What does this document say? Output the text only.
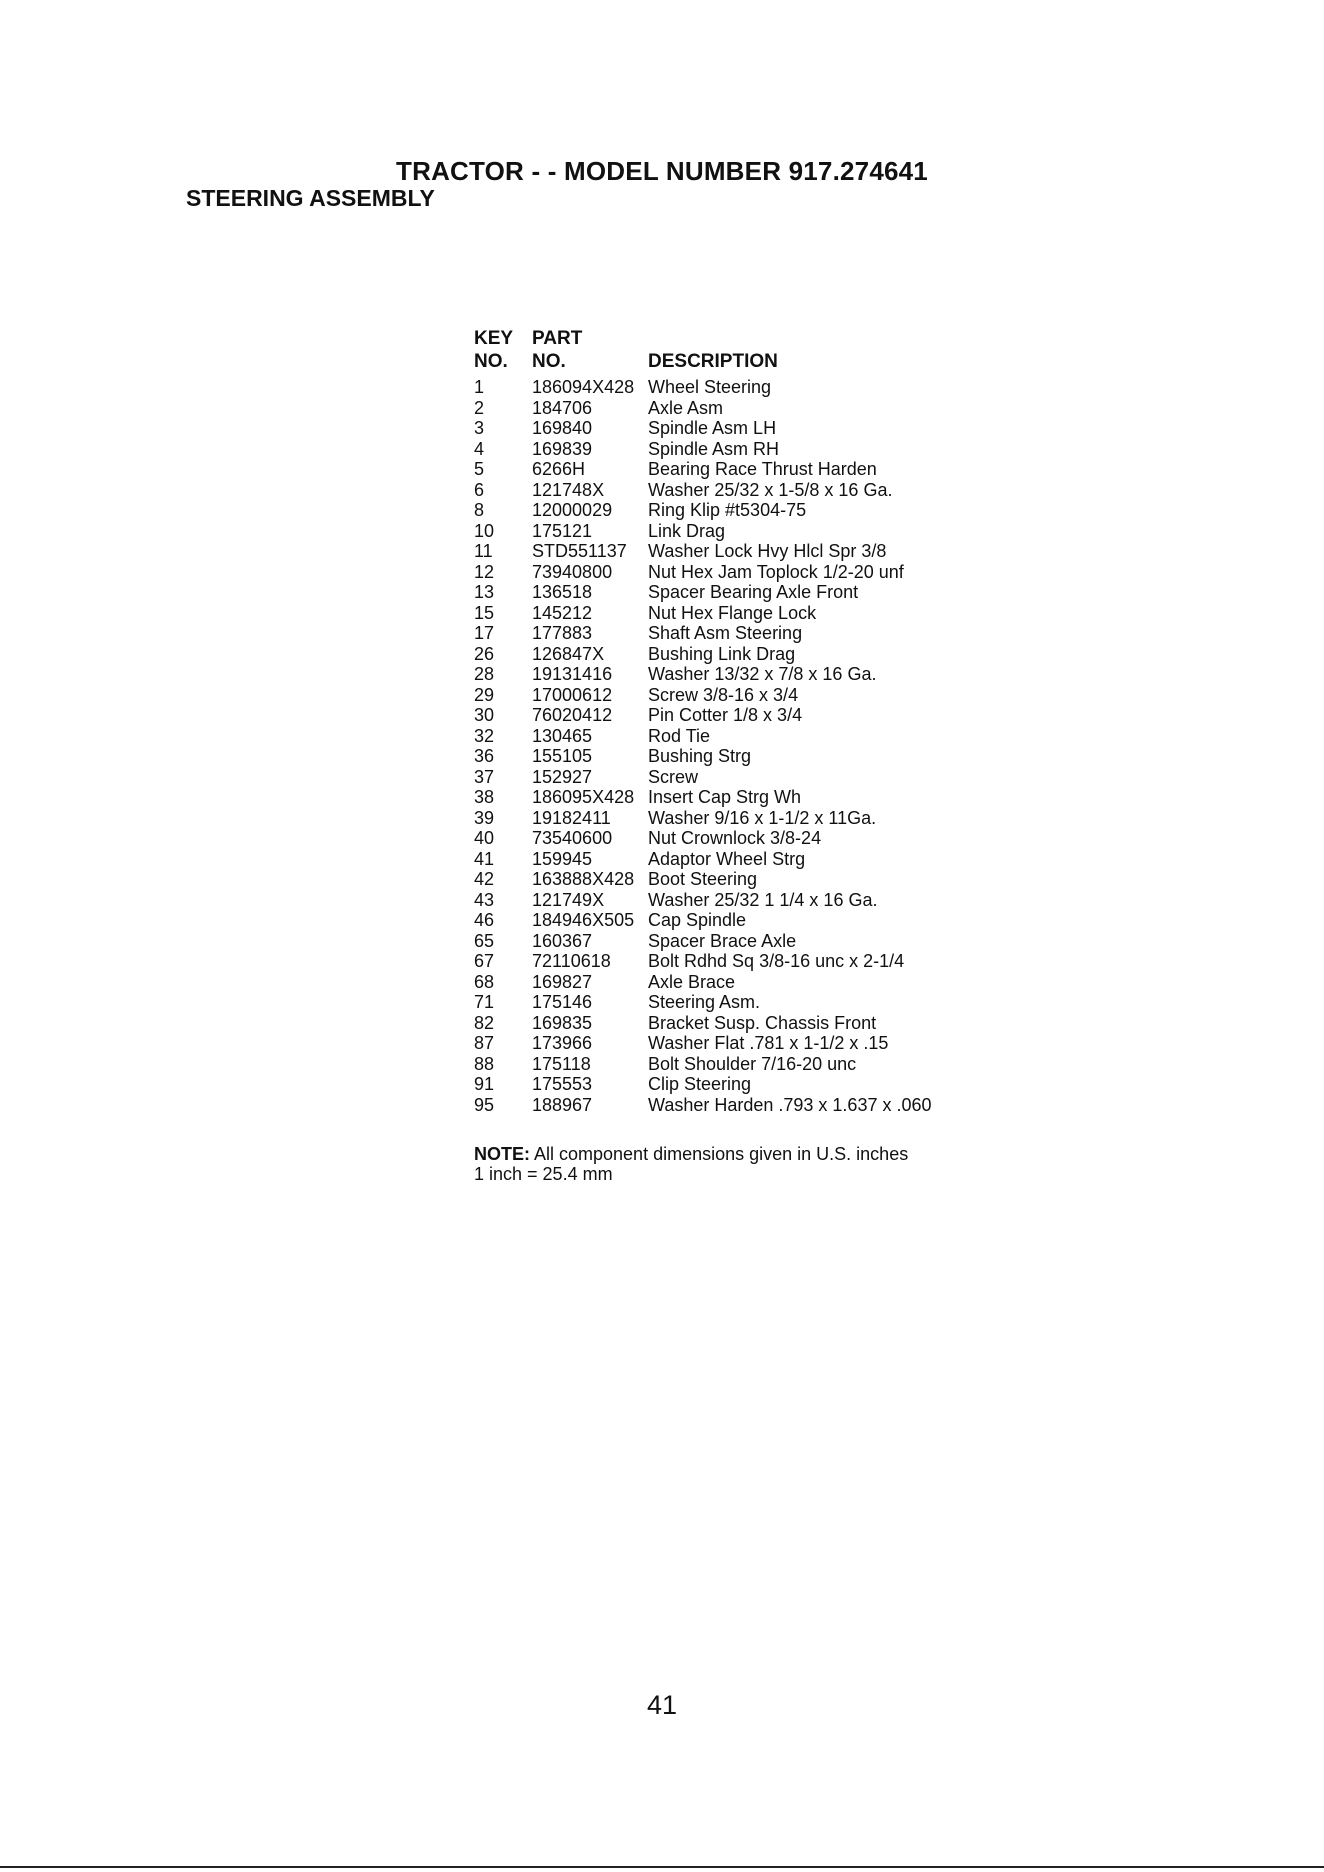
TRACTOR - - MODEL NUMBER 917.274641
STEERING ASSEMBLY
KEY PART
NO.	NO.	DESCRIPTION
1	186094X428 Wheel Steering
2	184706	Axle Asm
3	169840	Spindle Asm LH
4	169839	Spindle Asm RH
5	6266H	Bearing Race Thrust Harden
6	121748X	Washer 25/32 x 1-5/8 x 16 Ga.
8	12000029	Ring Klip #t5304-75
10	175121	Link Drag
11	STD551137	Washer Lock Hvy Hlcl Spr 3/8
12	73940800	Nut Hex Jam Toplock 1/2-20 unf
13	136518	Spacer Bearing Axle Front
15	145212	Nut Hex Flange Lock
17	177883	Shaft Asm Steering
26	126847X	Bushing Link Drag
28	19131416	Washer 13/32 x 7/8 x 16 Ga.
29	17000612	Screw 3/8-16 x 3/4
30	76020412	Pin Cotter 1/8 x 3/4
32	130465	Rod Tie
36	155105	Bushing Strg
37	152927	Screw
38	186095X428 Insert Cap Strg Wh
39	19182411	Washer 9/16 x 1-1/2 x 11Ga.
40	73540600	Nut Crownlock 3/8-24
41	159945	Adaptor Wheel Strg
42	163888X428 Boot Steering
43	121749X	Washer 25/32 1 1/4 x 16 Ga.
46	184946X505 Cap Spindle
65	160367	Spacer Brace Axle
67	72110618	Bolt Rdhd Sq 3/8-16 unc x 2-1/4
68	169827	Axle Brace
71	175146	Steering Asm.
82	169835	Bracket Susp. Chassis Front
87	173966	Washer Flat .781 x 1-1/2 x .15
88	175118	Bolt Shoulder 7/16-20 unc
91	175553	Clip Steering
95	188967	Washer Harden .793 x 1.637 x .060
NOTE: All component dimensions given in U.S. inches
1 inch = 25.4 mm
41
